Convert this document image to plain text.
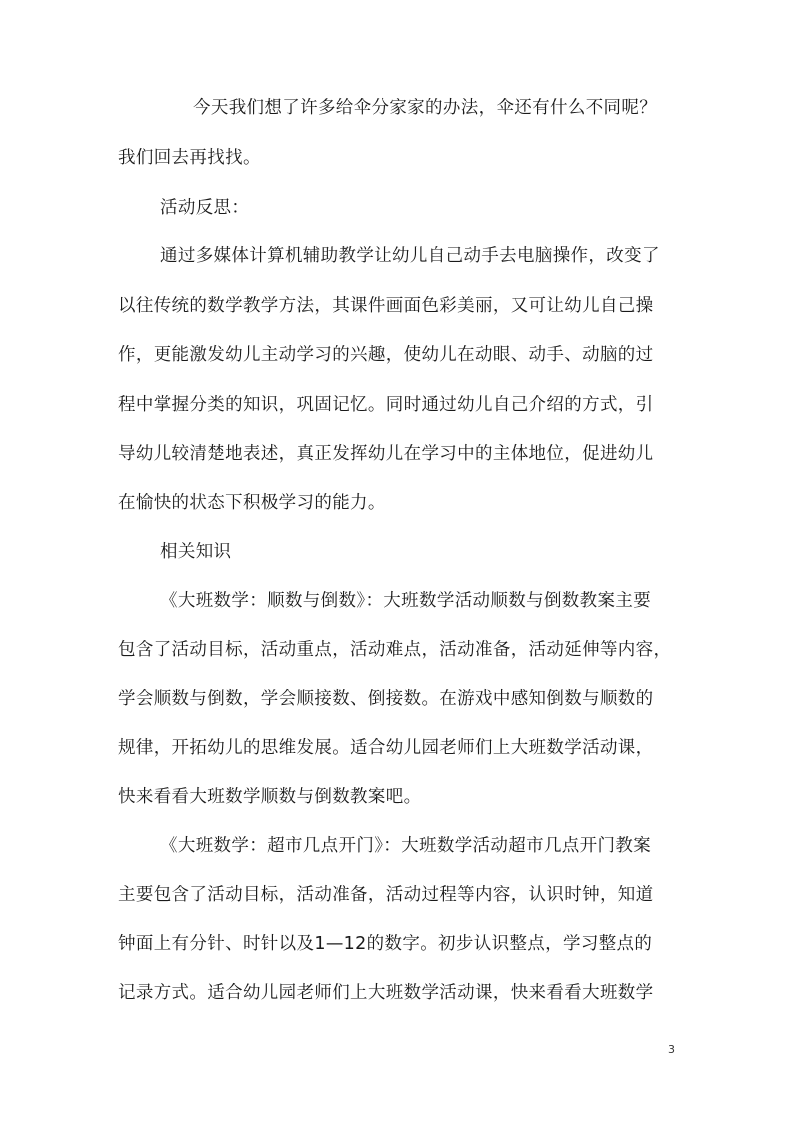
今天我们想了许多给伞分家家的办法，伞还有什么不同呢？
我们回去再找找。
活动反思：
通过多媒体计算机辅助教学让幼儿自己动手去电脑操作，改变了
以往传统的数学教学方法，其课件画面色彩美丽，又可让幼儿自己操
作，更能激发幼儿主动学习的兴趣，使幼儿在动眼、动手、动脑的过
程中掌握分类的知识，巩固记忆。同时通过幼儿自己介绍的方式，引
导幼儿较清楚地表述，真正发挥幼儿在学习中的主体地位，促进幼儿
在愉快的状态下积极学习的能力。
相关知识
《大班数学：顺数与倒数》：大班数学活动顺数与倒数教案主要
包含了活动目标，活动重点，活动难点，活动准备，活动延伸等内容，
学会顺数与倒数，学会顺接数、倒接数。在游戏中感知倒数与顺数的
规律，开拓幼儿的思维发展。适合幼儿园老师们上大班数学活动课，
快来看看大班数学顺数与倒数教案吧。
《大班数学：超市几点开门》：大班数学活动超市几点开门教案
主要包含了活动目标，活动准备，活动过程等内容，认识时钟，知道
钟面上有分针、时针以及1—12的数字。初步认识整点，学习整点的
记录方式。适合幼儿园老师们上大班数学活动课，快来看看大班数学
3
